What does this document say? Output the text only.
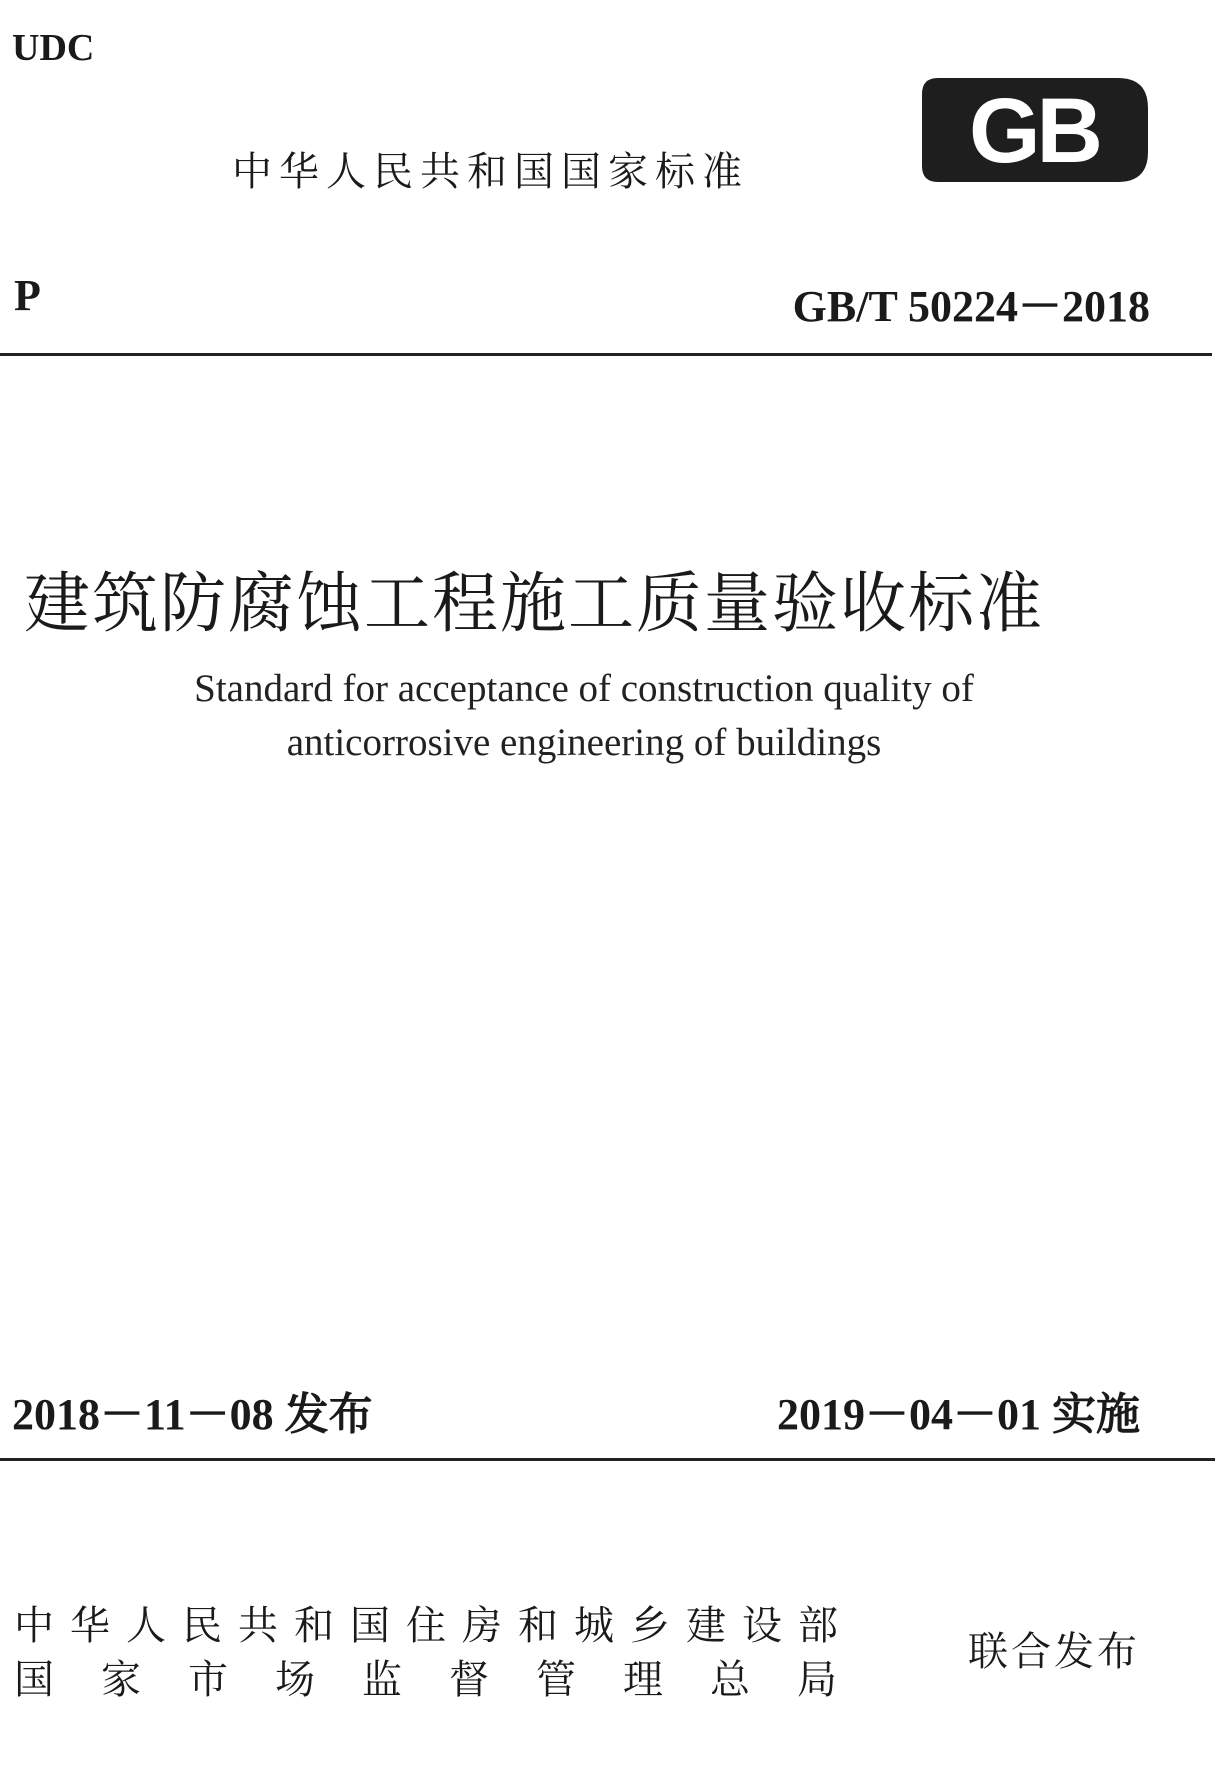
UDC

中华人民共和国国家标准 GB

P	GB/T 50224－2018

建筑防腐蚀工程施工质量验收标准

Standard for acceptance of construction quality of

anticorrosive engineering of buildings

2018－11－08 发布	2019－04－01 实施

中华人民共和国住房和城乡建设部

国家市场监督管理总局

联合发布
